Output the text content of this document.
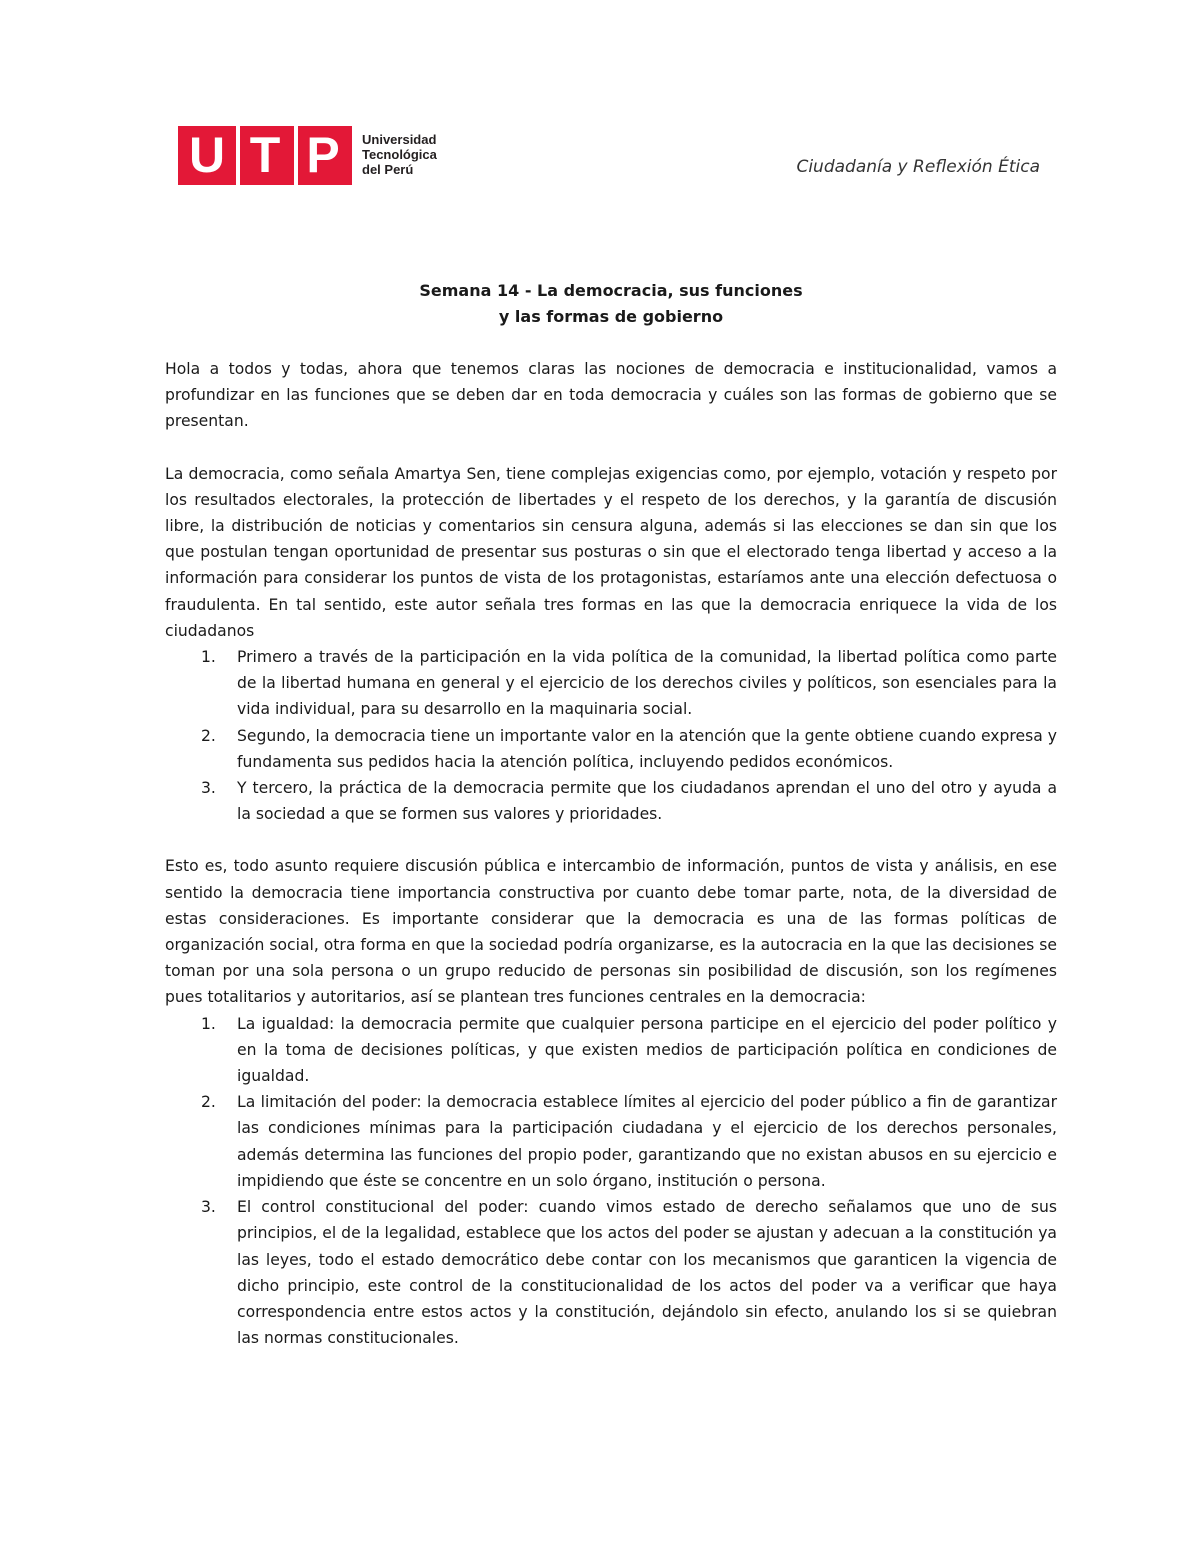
U T P	Universidad
Tecnológica
del Perú	Ciudadanía y Reflexión Ética
Semana 14 - La democracia, sus funciones
y las formas de gobierno

Hola a todos y todas, ahora que tenemos claras las nociones de democracia e institucionalidad, vamos a profundizar en las funciones que se deben dar en toda democracia y cuáles son las formas de gobierno que se presentan.

La democracia, como señala Amartya Sen, tiene complejas exigencias como, por ejemplo, votación y respeto por los resultados electorales, la protección de libertades y el respeto de los derechos, y la garantía de discusión libre, la distribución de noticias y comentarios sin censura alguna, además si las elecciones se dan sin que los que postulan tengan oportunidad de presentar sus posturas o sin que el electorado tenga libertad y acceso a la información para considerar los puntos de vista de los protagonistas, estaríamos ante una elección defectuosa o fraudulenta. En tal sentido, este autor señala tres formas en las que la democracia enriquece la vida de los ciudadanos

1. Primero a través de la participación en la vida política de la comunidad, la libertad política como parte de la libertad humana en general y el ejercicio de los derechos civiles y políticos, son esenciales para la vida individual, para su desarrollo en la maquinaria social.
2. Segundo, la democracia tiene un importante valor en la atención que la gente obtiene cuando expresa y fundamenta sus pedidos hacia la atención política, incluyendo pedidos económicos.
3. Y tercero, la práctica de la democracia permite que los ciudadanos aprendan el uno del otro y ayuda a la sociedad a que se formen sus valores y prioridades.

Esto es, todo asunto requiere discusión pública e intercambio de información, puntos de vista y análisis, en ese sentido la democracia tiene importancia constructiva por cuanto debe tomar parte, nota, de la diversidad de estas consideraciones. Es importante considerar que la democracia es una de las formas políticas de organización social, otra forma en que la sociedad podría organizarse, es la autocracia en la que las decisiones se toman por una sola persona o un grupo reducido de personas sin posibilidad de discusión, son los regímenes pues totalitarios y autoritarios, así se plantean tres funciones centrales en la democracia:

1. La igualdad: la democracia permite que cualquier persona participe en el ejercicio del poder político y en la toma de decisiones políticas, y que existen medios de participación política en condiciones de igualdad.
2. La limitación del poder: la democracia establece límites al ejercicio del poder público a fin de garantizar las condiciones mínimas para la participación ciudadana y el ejercicio de los derechos personales, además determina las funciones del propio poder, garantizando que no existan abusos en su ejercicio e impidiendo que éste se concentre en un solo órgano, institución o persona.
3. El control constitucional del poder: cuando vimos estado de derecho señalamos que uno de sus principios, el de la legalidad, establece que los actos del poder se ajustan y adecuan a la constitución ya las leyes, todo el estado democrático debe contar con los mecanismos que garanticen la vigencia de dicho principio, este control de la constitucionalidad de los actos del poder va a verificar que haya correspondencia entre estos actos y la constitución, dejándolo sin efecto, anulando los si se quiebran las normas constitucionales.
